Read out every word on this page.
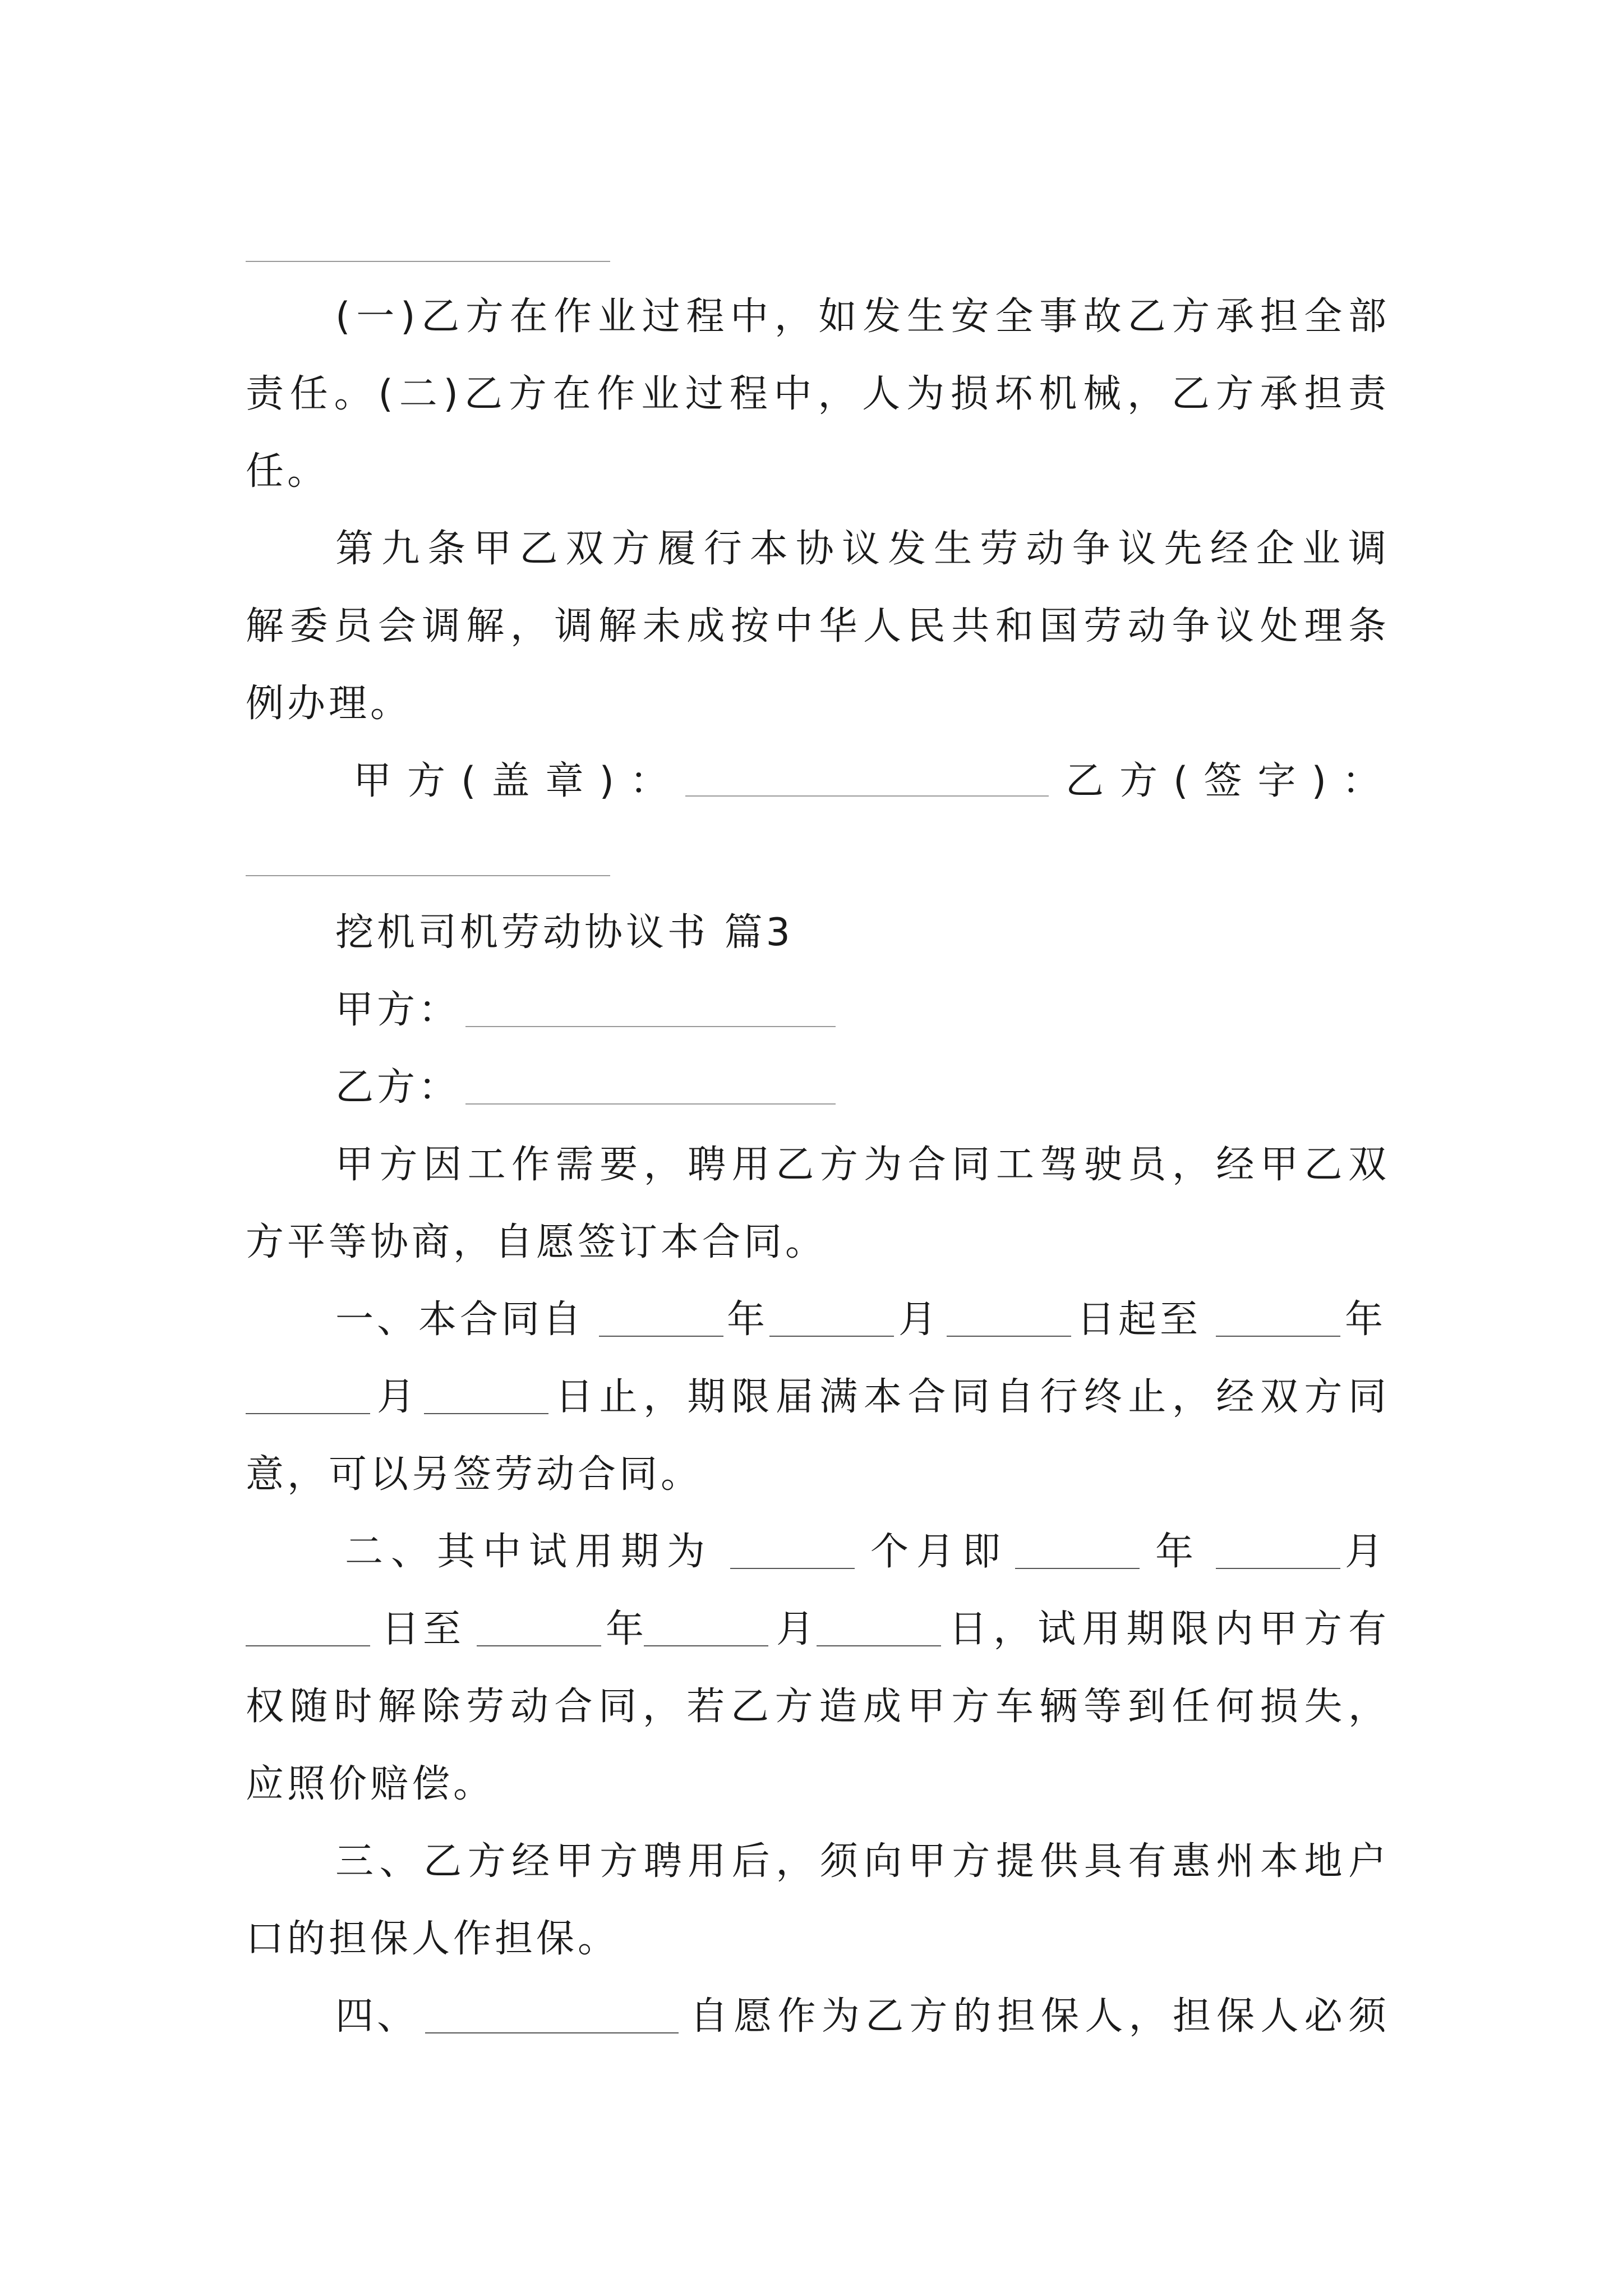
(一)乙方在作业过程中，如发生安全事故乙方承担全部
责任。(二)乙方在作业过程中，人为损坏机械，乙方承担责
任。
第九条甲乙双方履行本协议发生劳动争议先经企业调
解委员会调解，调解未成按中华人民共和国劳动争议处理条
例办理。
甲方(盖章)：	乙方(签字)：
挖机司机劳动协议书 篇3
甲方：
乙方：
甲方因工作需要，聘用乙方为合同工驾驶员，经甲乙双
方平等协商，自愿签订本合同。
一、本合同自	年	月	日起至	年
月	日止，期限届满本合同自行终止，经双方同
意，可以另签劳动合同。
二、其中试用期为	个月即	年	月
日至	年	月	日，试用期限内甲方有
权随时解除劳动合同，若乙方造成甲方车辆等到任何损失，
应照价赔偿。
三、乙方经甲方聘用后，须向甲方提供具有惠州本地户
口的担保人作担保。
四、	自愿作为乙方的担保人，担保人必须
